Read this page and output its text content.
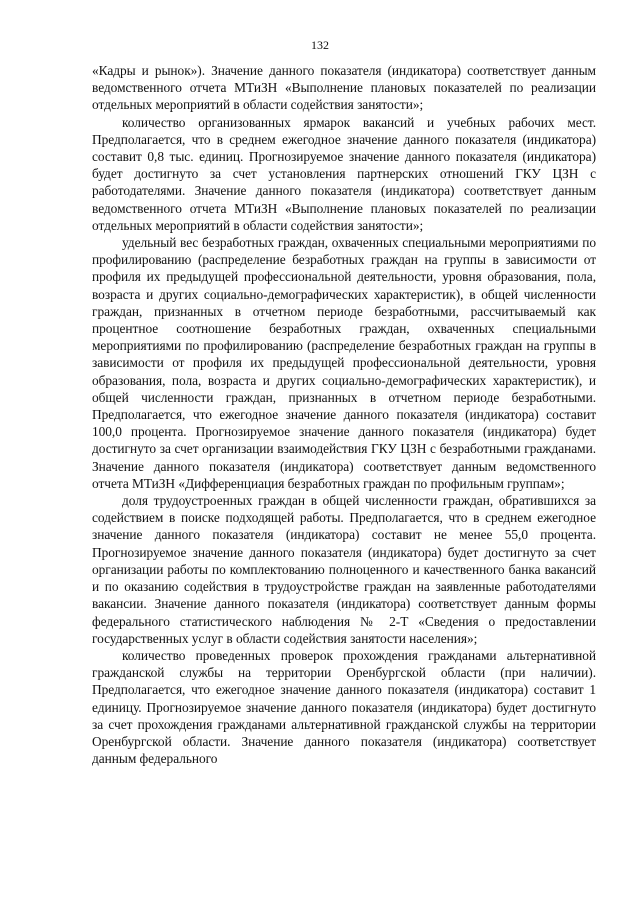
132

«Кадры и рынок»). Значение данного показателя (индикатора) соответствует данным ведомственного отчета МТиЗН «Выполнение плановых показателей по реализации отдельных мероприятий в области содействия занятости»;

количество организованных ярмарок вакансий и учебных рабочих мест. Предполагается, что в среднем ежегодное значение данного показателя (индикатора) составит 0,8 тыс. единиц. Прогнозируемое значение данного показателя (индикатора) будет достигнуто за счет установления партнерских отношений ГКУ ЦЗН с работодателями. Значение данного показателя (индикатора) соответствует данным ведомственного отчета МТиЗН «Выполнение плановых показателей по реализации отдельных мероприятий в области содействия занятости»;

удельный вес безработных граждан, охваченных специальными мероприятиями по профилированию (распределение безработных граждан на группы в зависимости от профиля их предыдущей профессиональной деятельности, уровня образования, пола, возраста и других социально-демографических характеристик), в общей численности граждан, признанных в отчетном периоде безработными, рассчитываемый как процентное соотношение безработных граждан, охваченных специальными мероприятиями по профилированию (распределение безработных граждан на группы в зависимости от профиля их предыдущей профессиональной деятельности, уровня образования, пола, возраста и других социально-демографических характеристик), и общей численности граждан, признанных в отчетном периоде безработными. Предполагается, что ежегодное значение данного показателя (индикатора) составит 100,0 процента. Прогнозируемое значение данного показателя (индикатора) будет достигнуто за счет организации взаимодействия ГКУ ЦЗН с безработными гражданами. Значение данного показателя (индикатора) соответствует данным ведомственного отчета МТиЗН «Дифференциация безработных граждан по профильным группам»;

доля трудоустроенных граждан в общей численности граждан, обратившихся за содействием в поиске подходящей работы. Предполагается, что в среднем ежегодное значение данного показателя (индикатора) составит не менее 55,0 процента. Прогнозируемое значение данного показателя (индикатора) будет достигнуто за счет организации работы по комплектованию полноценного и качественного банка вакансий и по оказанию содействия в трудоустройстве граждан на заявленные работодателями вакансии. Значение данного показателя (индикатора) соответствует данным формы федерального статистического наблюдения № 2-Т «Сведения о предоставлении государственных услуг в области содействия занятости населения»;

количество проведенных проверок прохождения гражданами альтернативной гражданской службы на территории Оренбургской области (при наличии). Предполагается, что ежегодное значение данного показателя (индикатора) составит 1 единицу. Прогнозируемое значение данного показателя (индикатора) будет достигнуто за счет прохождения гражданами альтернативной гражданской службы на территории Оренбургской области. Значение данного показателя (индикатора) соответствует данным федерального
